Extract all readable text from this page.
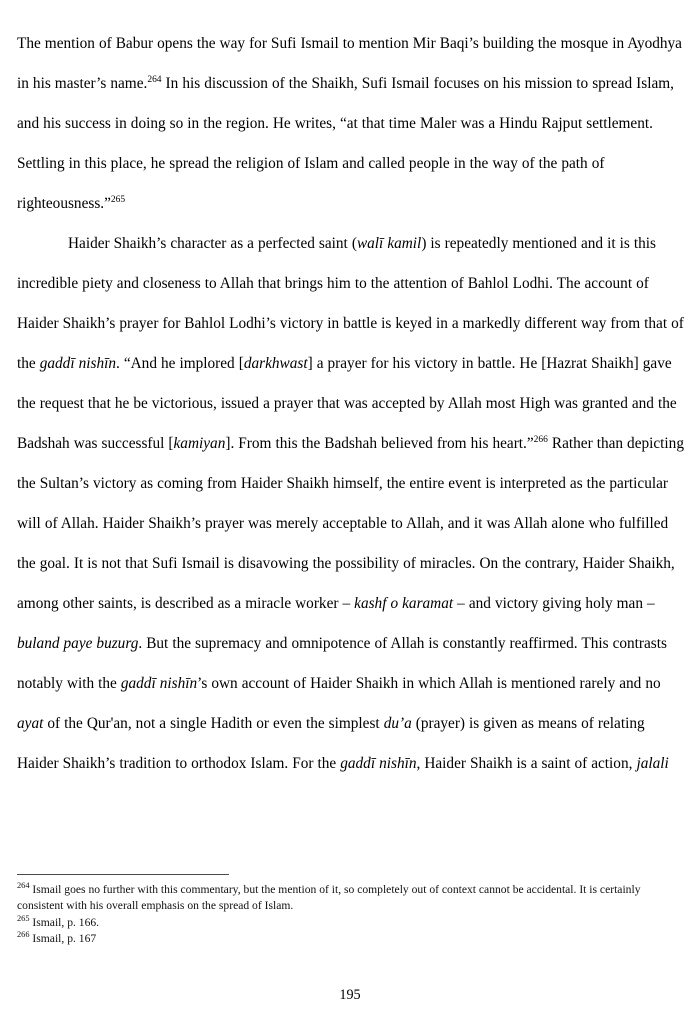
The mention of Babur opens the way for Sufi Ismail to mention Mir Baqi’s building the mosque in Ayodhya in his master’s name.$^{264}$ In his discussion of the Shaikh, Sufi Ismail focuses on his mission to spread Islam, and his success in doing so in the region. He writes, “at that time Maler was a Hindu Rajput settlement. Settling in this place, he spread the religion of Islam and called people in the way of the path of righteousness.”$^{265}$

Haider Shaikh’s character as a perfected saint (walī kamil) is repeatedly mentioned and it is this incredible piety and closeness to Allah that brings him to the attention of Bahlol Lodhi. The account of Haider Shaikh’s prayer for Bahlol Lodhi’s victory in battle is keyed in a markedly different way from that of the gaddī nishīn. “And he implored [darkhwast] a prayer for his victory in battle. He [Hazrat Shaikh] gave the request that he be victorious, issued a prayer that was accepted by Allah most High was granted and the Badshah was successful [kamiyan]. From this the Badshah believed from his heart.”$^{266}$ Rather than depicting the Sultan’s victory as coming from Haider Shaikh himself, the entire event is interpreted as the particular will of Allah. Haider Shaikh’s prayer was merely acceptable to Allah, and it was Allah alone who fulfilled the goal. It is not that Sufi Ismail is disavowing the possibility of miracles. On the contrary, Haider Shaikh, among other saints, is described as a miracle worker – kashf o karamat – and victory giving holy man – buland paye buzurg. But the supremacy and omnipotence of Allah is constantly reaffirmed. This contrasts notably with the gaddī nishīn’s own account of Haider Shaikh in which Allah is mentioned rarely and no ayat of the Qur'an, not a single Hadith or even the simplest du’a (prayer) is given as means of relating Haider Shaikh’s tradition to orthodox Islam. For the gaddī nishīn, Haider Shaikh is a saint of action, jalali

$^{264}$ Ismail goes no further with this commentary, but the mention of it, so completely out of context cannot be accidental. It is certainly consistent with his overall emphasis on the spread of Islam.

$^{265}$ Ismail, p. 166.

$^{266}$ Ismail, p. 167

195
